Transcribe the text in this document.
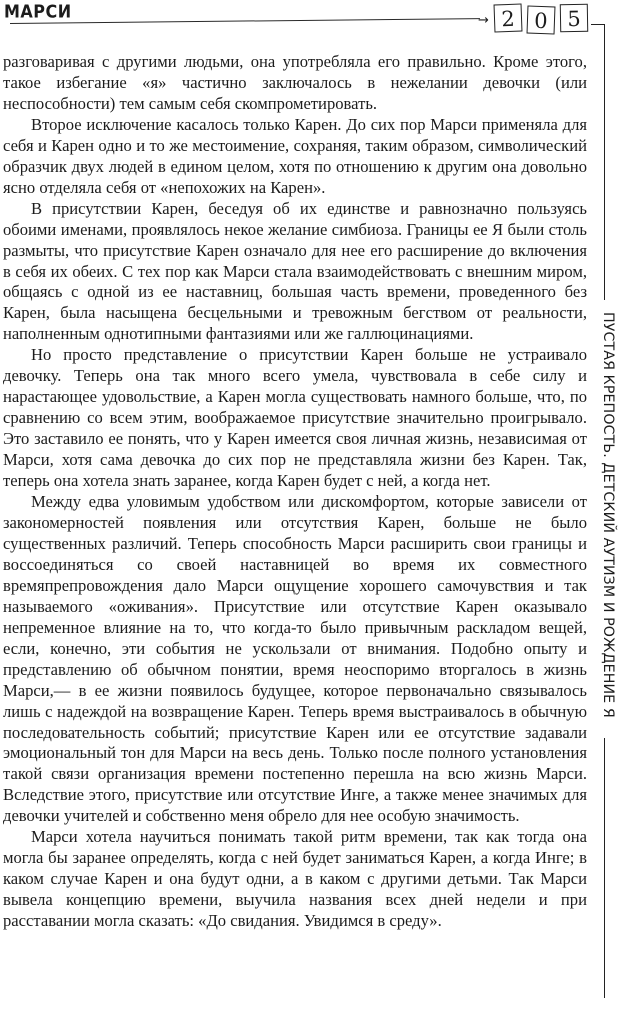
МАРСИ	→ 2 0 5
ПУСТАЯ КРЕПОСТЬ. ДЕТСКИЙ АУТИЗМ И РОЖДЕНИЕ Я

разговаривая с другими людьми, она употребляла его правильно. Кроме этого, такое избегание «я» частично заключалось в нежелании девочки (или неспособности) тем самым себя скомпрометировать.

Второе исключение касалось только Карен. До сих пор Марси применяла для себя и Карен одно и то же местоимение, сохраняя, таким образом, символический образчик двух людей в едином целом, хотя по отношению к другим она довольно ясно отделяла себя от «непохожих на Карен».

В присутствии Карен, беседуя об их единстве и равнозначно пользуясь обоими именами, проявлялось некое желание симбиоза. Границы ее Я были столь размыты, что присутствие Карен означало для нее его расширение до включения в себя их обеих. С тех пор как Марси стала взаимодействовать с внешним миром, общаясь с одной из ее наставниц, большая часть времени, проведенного без Карен, была насыщена бесцельными и тревожным бегством от реальности, наполненным однотипными фантазиями или же галлюцинациями.

Но просто представление о присутствии Карен больше не устраивало девочку. Теперь она так много всего умела, чувствовала в себе силу и нарастающее удовольствие, а Карен могла существовать намного больше, что, по сравнению со всем этим, воображаемое присутствие значительно проигрывало. Это заставило ее понять, что у Карен имеется своя личная жизнь, независимая от Марси, хотя сама девочка до сих пор не представляла жизни без Карен. Так, теперь она хотела знать заранее, когда Карен будет с ней, а когда нет.

Между едва уловимым удобством или дискомфортом, которые зависели от закономерностей появления или отсутствия Карен, больше не было существенных различий. Теперь способность Марси расширить свои границы и воссоединяться со своей наставницей во время их совместного времяпрепровождения дало Марси ощущение хорошего самочувствия и так называемого «оживания». Присутствие или отсутствие Карен оказывало непременное влияние на то, что когда-то было привычным раскладом вещей, если, конечно, эти события не ускользали от внимания. Подобно опыту и представлению об обычном понятии, время неоспоримо вторгалось в жизнь Марси,— в ее жизни появилось будущее, которое первоначально связывалось лишь с надеждой на возвращение Карен. Теперь время выстраивалось в обычную последовательность событий; присутствие Карен или ее отсутствие задавали эмоциональный тон для Марси на весь день. Только после полного установления такой связи организация времени постепенно перешла на всю жизнь Марси. Вследствие этого, присутствие или отсутствие Инге, а также менее значимых для девочки учителей и собственно меня обрело для нее особую значимость.

Марси хотела научиться понимать такой ритм времени, так как тогда она могла бы заранее определять, когда с ней будет заниматься Карен, а когда Инге; в каком случае Карен и она будут одни, а в каком с другими детьми. Так Марси вывела концепцию времени, выучила названия всех дней недели и при расставании могла сказать: «До свидания. Увидимся в среду».
